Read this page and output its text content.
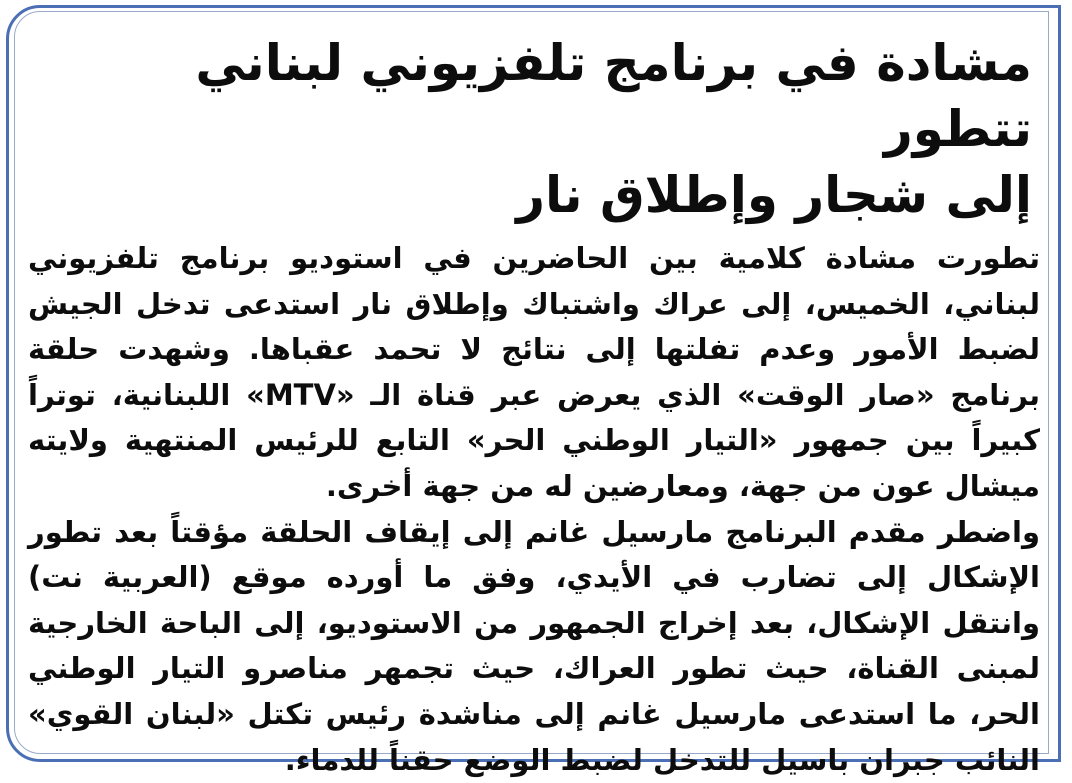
مشادة في برنامج تلفزيوني لبناني تتطور
إلى شجار وإطلاق نار

تطورت مشادة كلامية بين الحاضرين في استوديو برنامج تلفزيوني لبناني، الخميس، إلى عراك واشتباك وإطلاق نار استدعى تدخل الجيش لضبط الأمور وعدم تفلتها إلى نتائج لا تحمد عقباها. وشهدت حلقة برنامج «صار الوقت» الذي يعرض عبر قناة الـ «MTV» اللبنانية، توتراً كبيراً بين جمهور «التيار الوطني الحر» التابع للرئيس المنتهية ولايته ميشال عون من جهة، ومعارضين له من جهة أخرى.

واضطر مقدم البرنامج مارسيل غانم إلى إيقاف الحلقة مؤقتاً بعد تطور الإشكال إلى تضارب في الأيدي، وفق ما أورده موقع (العربية نت) وانتقل الإشكال، بعد إخراج الجمهور من الاستوديو، إلى الباحة الخارجية لمبنى القناة، حيث تطور العراك، حيث تجمهر مناصرو التيار الوطني الحر، ما استدعى مارسيل غانم إلى مناشدة رئيس تكتل «لبنان القوي» النائب جبران باسيل للتدخل لضبط الوضع حقناً للدماء.
